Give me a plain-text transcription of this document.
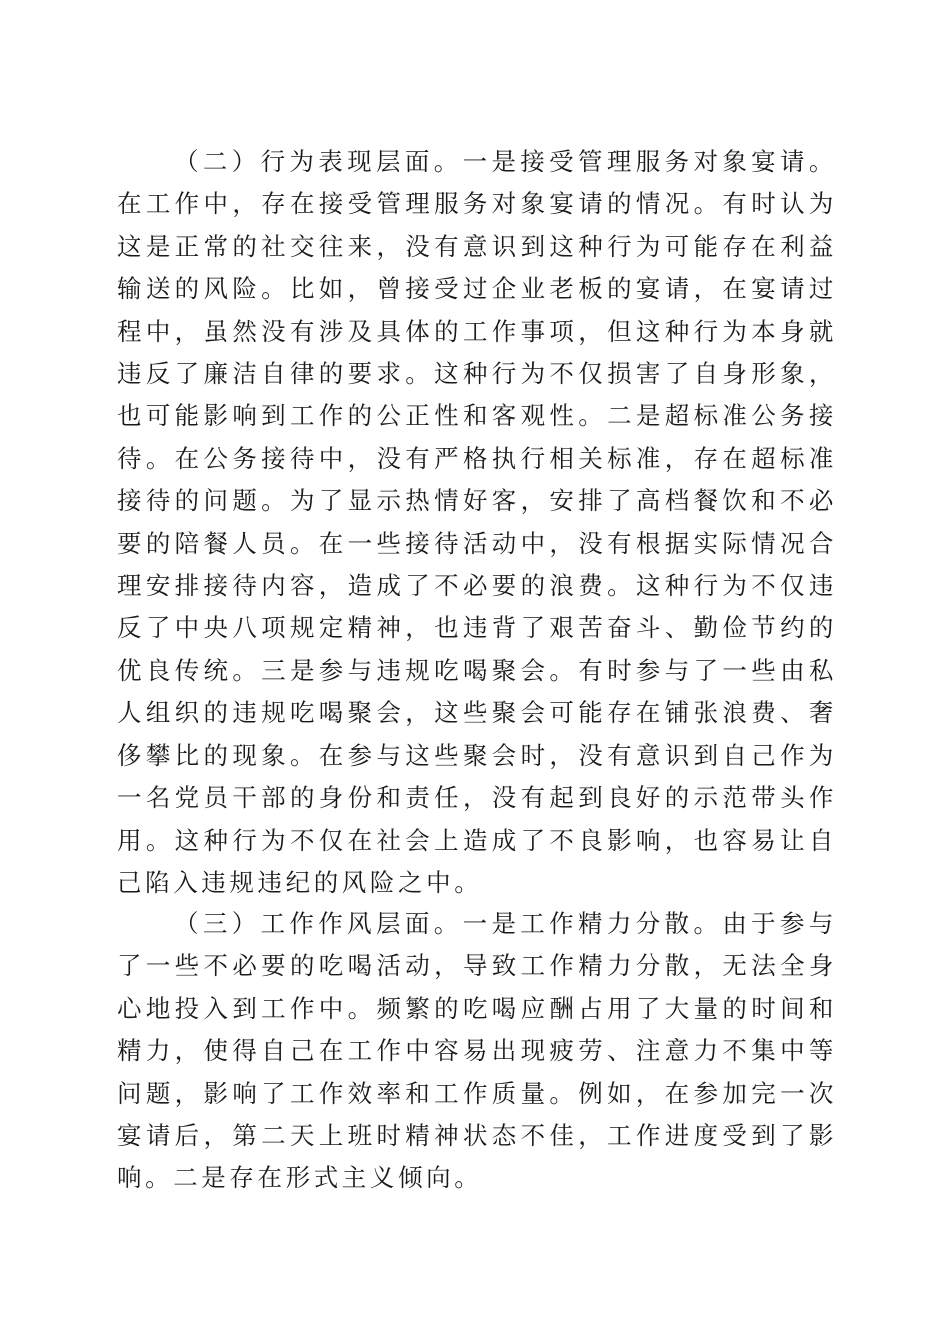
（二）行为表现层面。一是接受管理服务对象宴请。在工作中，存在接受管理服务对象宴请的情况。有时认为这是正常的社交往来，没有意识到这种行为可能存在利益输送的风险。比如，曾接受过企业老板的宴请，在宴请过程中，虽然没有涉及具体的工作事项，但这种行为本身就违反了廉洁自律的要求。这种行为不仅损害了自身形象，也可能影响到工作的公正性和客观性。二是超标准公务接待。在公务接待中，没有严格执行相关标准，存在超标准接待的问题。为了显示热情好客，安排了高档餐饮和不必要的陪餐人员。在一些接待活动中，没有根据实际情况合理安排接待内容，造成了不必要的浪费。这种行为不仅违反了中央八项规定精神，也违背了艰苦奋斗、勤俭节约的优良传统。三是参与违规吃喝聚会。有时参与了一些由私人组织的违规吃喝聚会，这些聚会可能存在铺张浪费、奢侈攀比的现象。在参与这些聚会时，没有意识到自己作为一名党员干部的身份和责任，没有起到良好的示范带头作用。这种行为不仅在社会上造成了不良影响，也容易让自己陷入违规违纪的风险之中。

（三）工作作风层面。一是工作精力分散。由于参与了一些不必要的吃喝活动，导致工作精力分散，无法全身心地投入到工作中。频繁的吃喝应酬占用了大量的时间和精力，使得自己在工作中容易出现疲劳、注意力不集中等问题，影响了工作效率和工作质量。例如，在参加完一次宴请后，第二天上班时精神状态不佳，工作进度受到了影响。二是存在形式主义倾向。
